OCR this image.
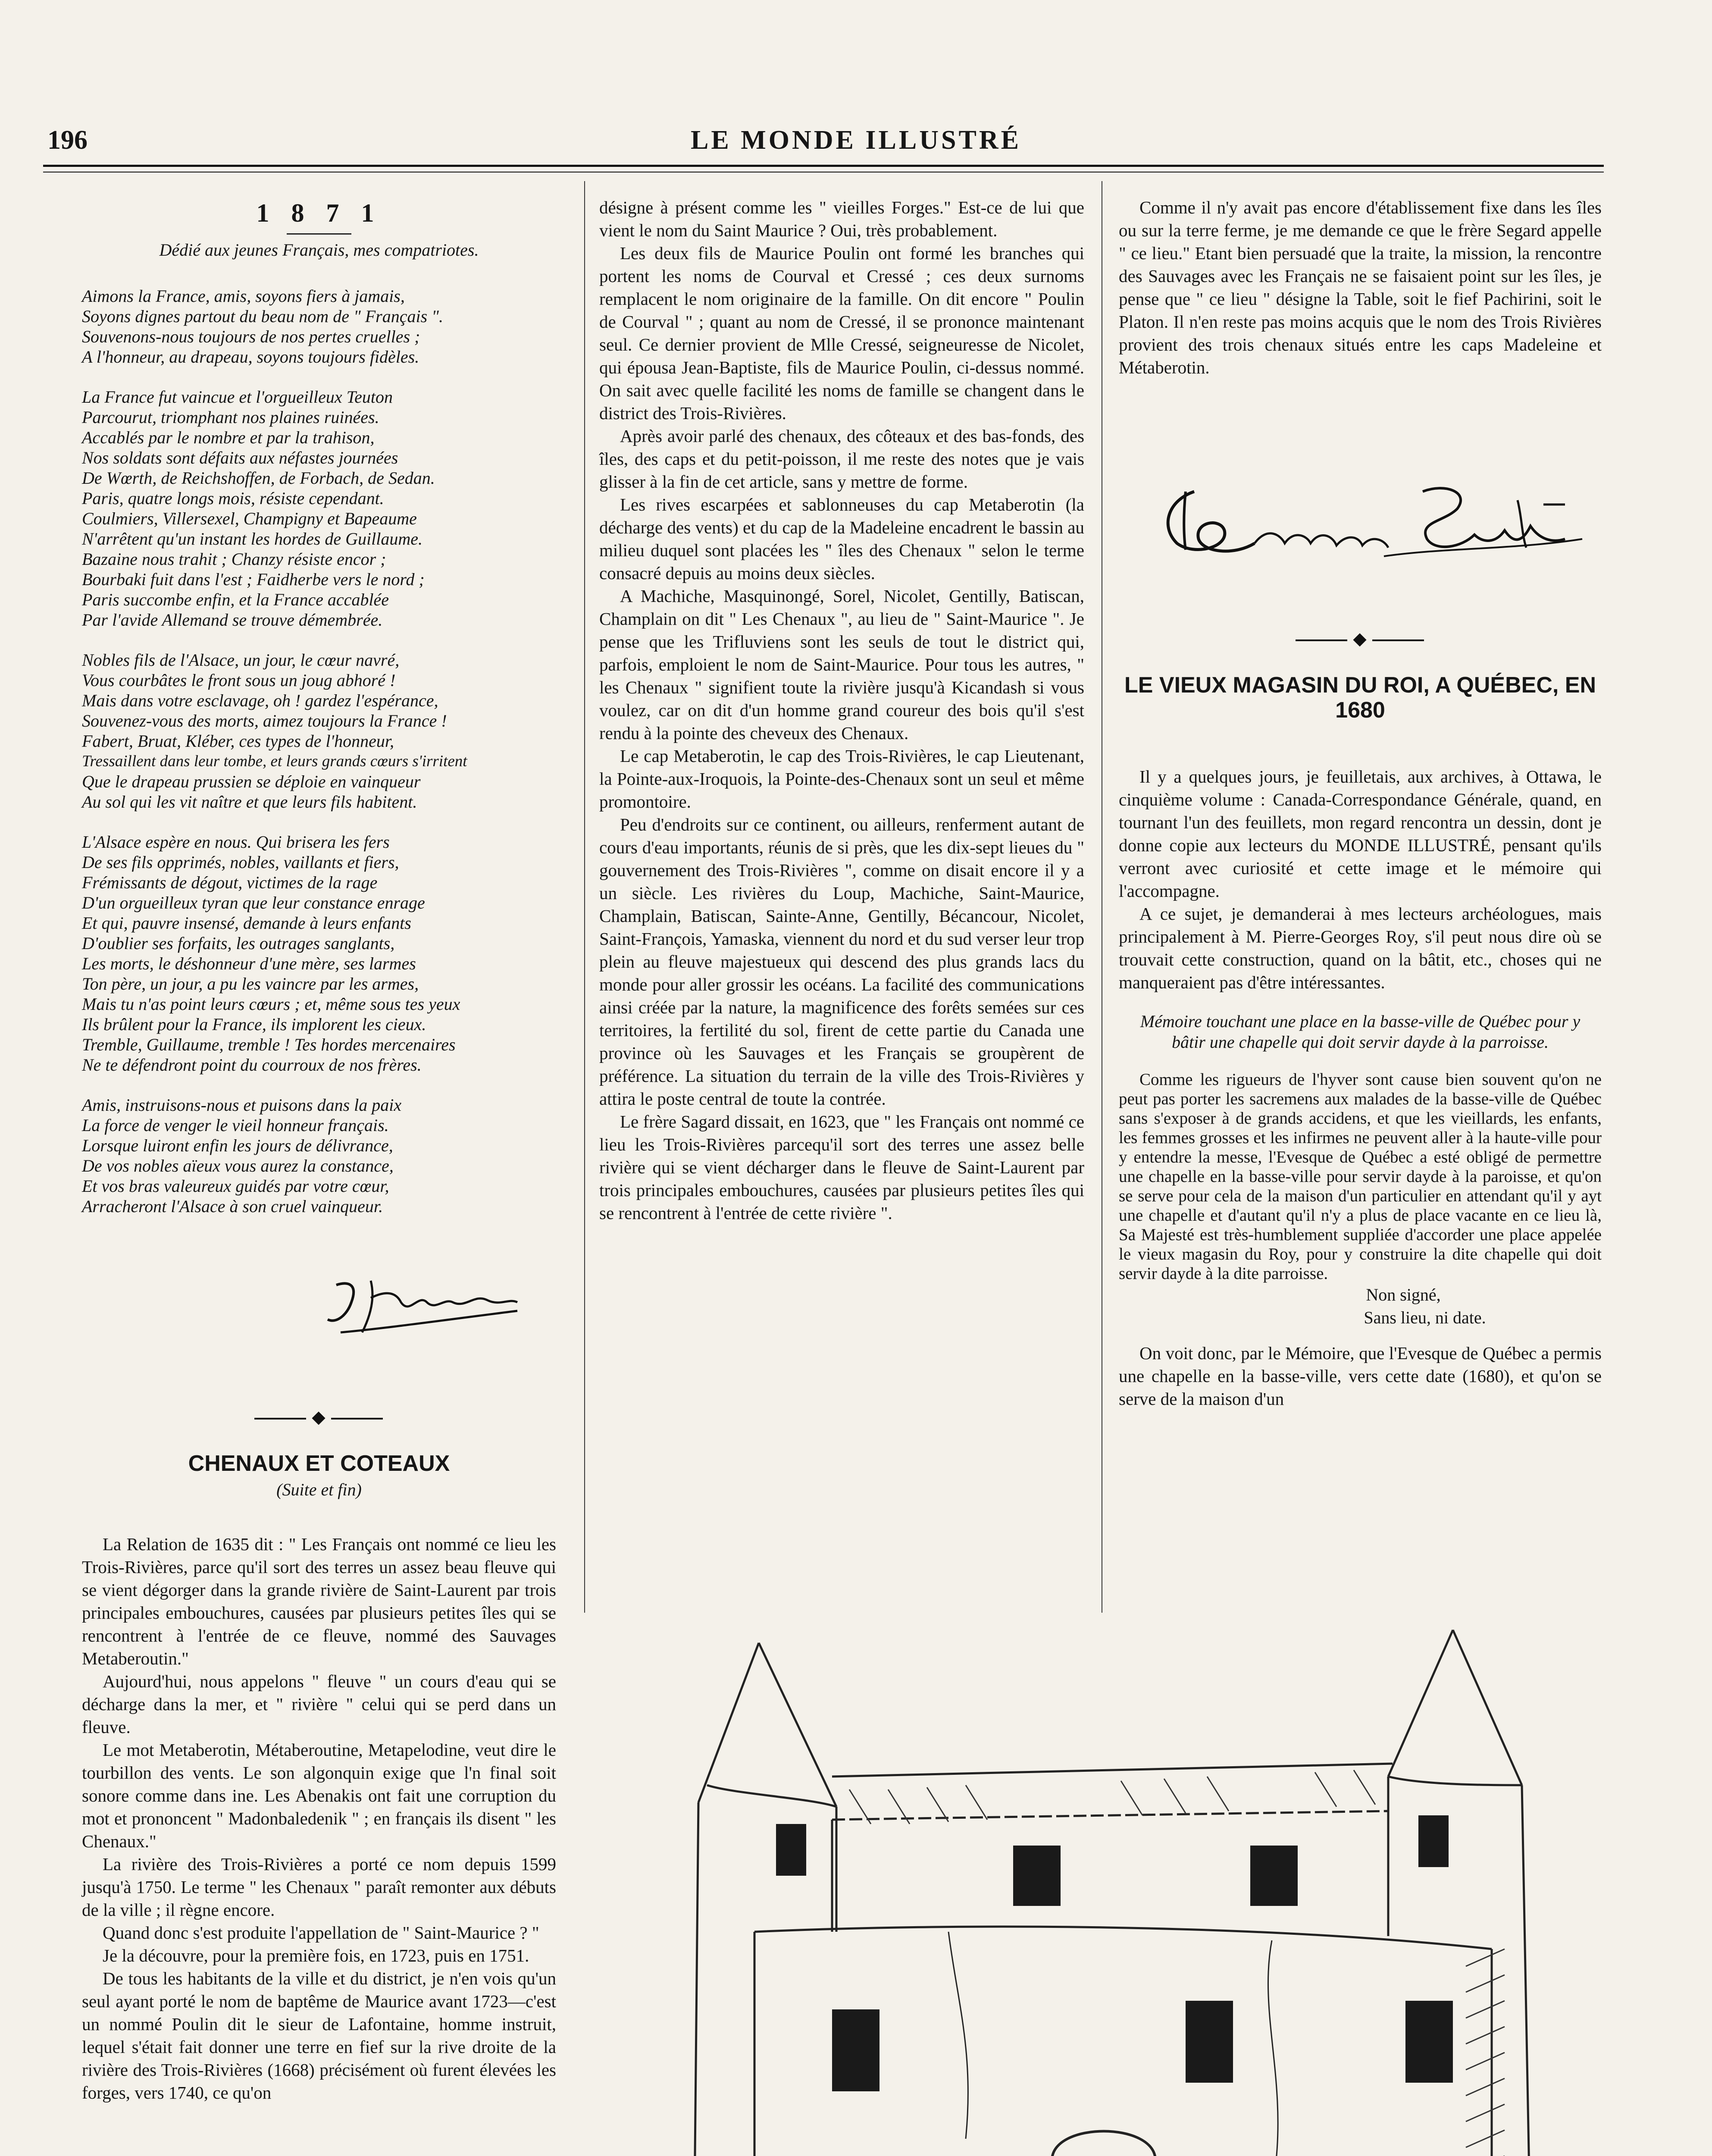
196	LE MONDE ILLUSTRÉ
1 8 7 1
Dédié aux jeunes Français, mes compatriotes.
Aimons la France, amis, soyons fiers à jamais,
Soyons dignes partout du beau nom de " Français ".
Souvenons-nous toujours de nos pertes cruelles ;
A l'honneur, au drapeau, soyons toujours fidèles.
La France fut vaincue et l'orgueilleux Teuton
Parcourut, triomphant nos plaines ruinées.
Accablés par le nombre et par la trahison,
Nos soldats sont défaits aux néfastes journées
De Wœrth, de Reichshoffen, de Forbach, de Sedan.
Paris, quatre longs mois, résiste cependant.
Coulmiers, Villersexel, Champigny et Bapeaume
N'arrêtent qu'un instant les hordes de Guillaume.
Bazaine nous trahit ; Chanzy résiste encor ;
Bourbaki fuit dans l'est ; Faidherbe vers le nord ;
Paris succombe enfin, et la France accablée
Par l'avide Allemand se trouve démembrée.
Nobles fils de l'Alsace, un jour, le cœur navré,
Vous courbâtes le front sous un joug abhoré !
Mais dans votre esclavage, oh ! gardez l'espérance,
Souvenez-vous des morts, aimez toujours la France !
Fabert, Bruat, Kléber, ces types de l'honneur,
Tressaillent dans leur tombe, et leurs grands cœurs s'irritent
Que le drapeau prussien se déploie en vainqueur
Au sol qui les vit naître et que leurs fils habitent.
L'Alsace espère en nous. Qui brisera les fers
De ses fils opprimés, nobles, vaillants et fiers,
Frémissants de dégout, victimes de la rage
D'un orgueilleux tyran que leur constance enrage
Et qui, pauvre insensé, demande à leurs enfants
D'oublier ses forfaits, les outrages sanglants,
Les morts, le déshonneur d'une mère, ses larmes
Ton père, un jour, a pu les vaincre par les armes,
Mais tu n'as point leurs cœurs ; et, même sous tes yeux
Ils brûlent pour la France, ils implorent les cieux.
Tremble, Guillaume, tremble ! Tes hordes mercenaires
Ne te défendront point du courroux de nos frères.
Amis, instruisons-nous et puisons dans la paix
La force de venger le vieil honneur français.
Lorsque luiront enfin les jours de délivrance,
De vos nobles aïeux vous aurez la constance,
Et vos bras valeureux guidés par votre cœur,
Arracheront l'Alsace à son cruel vainqueur.
CHENAUX ET COTEAUX
(Suite et fin)

La Relation de 1635 dit : " Les Français ont nommé ce lieu les Trois-Rivières, parce qu'il sort des terres un assez beau fleuve qui se vient dégorger dans la grande rivière de Saint-Laurent par trois principales embouchures, causées par plusieurs petites îles qui se rencontrent à l'entrée de ce fleuve, nommé des Sauvages Metaberoutin."

Aujourd'hui, nous appelons " fleuve " un cours d'eau qui se décharge dans la mer, et " rivière " celui qui se perd dans un fleuve.

Le mot Metaberotin, Métaberoutine, Metapelodine, veut dire le tourbillon des vents. Le son algonquin exige que l'n final soit sonore comme dans ine. Les Abenakis ont fait une corruption du mot et prononcent " Madonbaledenik " ; en français ils disent " les Chenaux."

La rivière des Trois-Rivières a porté ce nom depuis 1599 jusqu'à 1750. Le terme " les Chenaux " paraît remonter aux débuts de la ville ; il règne encore.

Quand donc s'est produite l'appellation de " Saint-Maurice ? "

Je la découvre, pour la première fois, en 1723, puis en 1751.

De tous les habitants de la ville et du district, je n'en vois qu'un seul ayant porté le nom de baptême de Maurice avant 1723—c'est un nommé Poulin dit le sieur de Lafontaine, homme instruit, lequel s'était fait donner une terre en fief sur la rive droite de la rivière des Trois-Rivières (1668) précisément où furent élevées les forges, vers 1740, ce qu'on

désigne à présent comme les " vieilles Forges." Est-ce de lui que vient le nom du Saint Maurice ? Oui, très probablement.

Les deux fils de Maurice Poulin ont formé les branches qui portent les noms de Courval et Cressé ; ces deux surnoms remplacent le nom originaire de la famille. On dit encore " Poulin de Courval " ; quant au nom de Cressé, il se prononce maintenant seul. Ce dernier provient de Mlle Cressé, seigneuresse de Nicolet, qui épousa Jean-Baptiste, fils de Maurice Poulin, ci-dessus nommé. On sait avec quelle facilité les noms de famille se changent dans le district des Trois-Rivières.

Après avoir parlé des chenaux, des côteaux et des bas-fonds, des îles, des caps et du petit-poisson, il me reste des notes que je vais glisser à la fin de cet article, sans y mettre de forme.

Les rives escarpées et sablonneuses du cap Metaberotin (la décharge des vents) et du cap de la Madeleine encadrent le bassin au milieu duquel sont placées les " îles des Chenaux " selon le terme consacré depuis au moins deux siècles.

A Machiche, Masquinongé, Sorel, Nicolet, Gentilly, Batiscan, Champlain on dit " Les Chenaux ", au lieu de " Saint-Maurice ". Je pense que les Trifluviens sont les seuls de tout le district qui, parfois, emploient le nom de Saint-Maurice. Pour tous les autres, " les Chenaux " signifient toute la rivière jusqu'à Kicandash si vous voulez, car on dit d'un homme grand coureur des bois qu'il s'est rendu à la pointe des cheveux des Chenaux.

Le cap Metaberotin, le cap des Trois-Rivières, le cap Lieutenant, la Pointe-aux-Iroquois, la Pointe-des-Chenaux sont un seul et même promontoire.

Peu d'endroits sur ce continent, ou ailleurs, renferment autant de cours d'eau importants, réunis de si près, que les dix-sept lieues du " gouvernement des Trois-Rivières ", comme on disait encore il y a un siècle. Les rivières du Loup, Machiche, Saint-Maurice, Champlain, Batiscan, Sainte-Anne, Gentilly, Bécancour, Nicolet, Saint-François, Yamaska, viennent du nord et du sud verser leur trop plein au fleuve majestueux qui descend des plus grands lacs du monde pour aller grossir les océans. La facilité des communications ainsi créée par la nature, la magnificence des forêts semées sur ces territoires, la fertilité du sol, firent de cette partie du Canada une province où les Sauvages et les Français se groupèrent de préférence. La situation du terrain de la ville des Trois-Rivières y attira le poste central de toute la contrée.

Le frère Sagard dissait, en 1623, que " les Français ont nommé ce lieu les Trois-Rivières parcequ'il sort des terres une assez belle rivière qui se vient décharger dans le fleuve de Saint-Laurent par trois principales embouchures, causées par plusieurs petites îles qui se rencontrent à l'entrée de cette rivière ".

Comme il n'y avait pas encore d'établissement fixe dans les îles ou sur la terre ferme, je me demande ce que le frère Segard appelle " ce lieu." Etant bien persuadé que la traite, la mission, la rencontre des Sauvages avec les Français ne se faisaient point sur les îles, je pense que " ce lieu " désigne la Table, soit le fief Pachirini, soit le Platon. Il n'en reste pas moins acquis que le nom des Trois Rivières provient des trois chenaux situés entre les caps Madeleine et Métaberotin.

LE VIEUX MAGASIN DU ROI, A QUÉBEC, EN 1680

Il y a quelques jours, je feuilletais, aux archives, à Ottawa, le cinquième volume : Canada-Correspondance Générale, quand, en tournant l'un des feuillets, mon regard rencontra un dessin, dont je donne copie aux lecteurs du MONDE ILLUSTRÉ, pensant qu'ils verront avec curiosité et cette image et le mémoire qui l'accompagne.

A ce sujet, je demanderai à mes lecteurs archéologues, mais principalement à M. Pierre-Georges Roy, s'il peut nous dire où se trouvait cette construction, quand on la bâtit, etc., choses qui ne manqueraient pas d'être intéressantes.

Mémoire touchant une place en la basse-ville de Québec pour y bâtir une chapelle qui doit servir dayde à la parroisse.

Comme les rigueurs de l'hyver sont cause bien souvent qu'on ne peut pas porter les sacremens aux malades de la basse-ville de Québec sans s'exposer à de grands accidens, et que les vieillards, les enfants, les femmes grosses et les infirmes ne peuvent aller à la haute-ville pour y entendre la messe, l'Evesque de Québec a esté obligé de permettre une chapelle en la basse-ville pour servir dayde à la paroisse, et qu'on se serve pour cela de la maison d'un particulier en attendant qu'il y ayt une chapelle et d'autant qu'il n'y a plus de place vacante en ce lieu là, Sa Majesté est très-humblement suppliée d'accorder une place appelée le vieux magasin du Roy, pour y construire la dite chapelle qui doit servir dayde à la dite parroisse.

Non signé,
Sans lieu, ni date.

On voit donc, par le Mémoire, que l'Evesque de Québec a permis une chapelle en la basse-ville, vers cette date (1680), et qu'on se serve de la maison d'un
